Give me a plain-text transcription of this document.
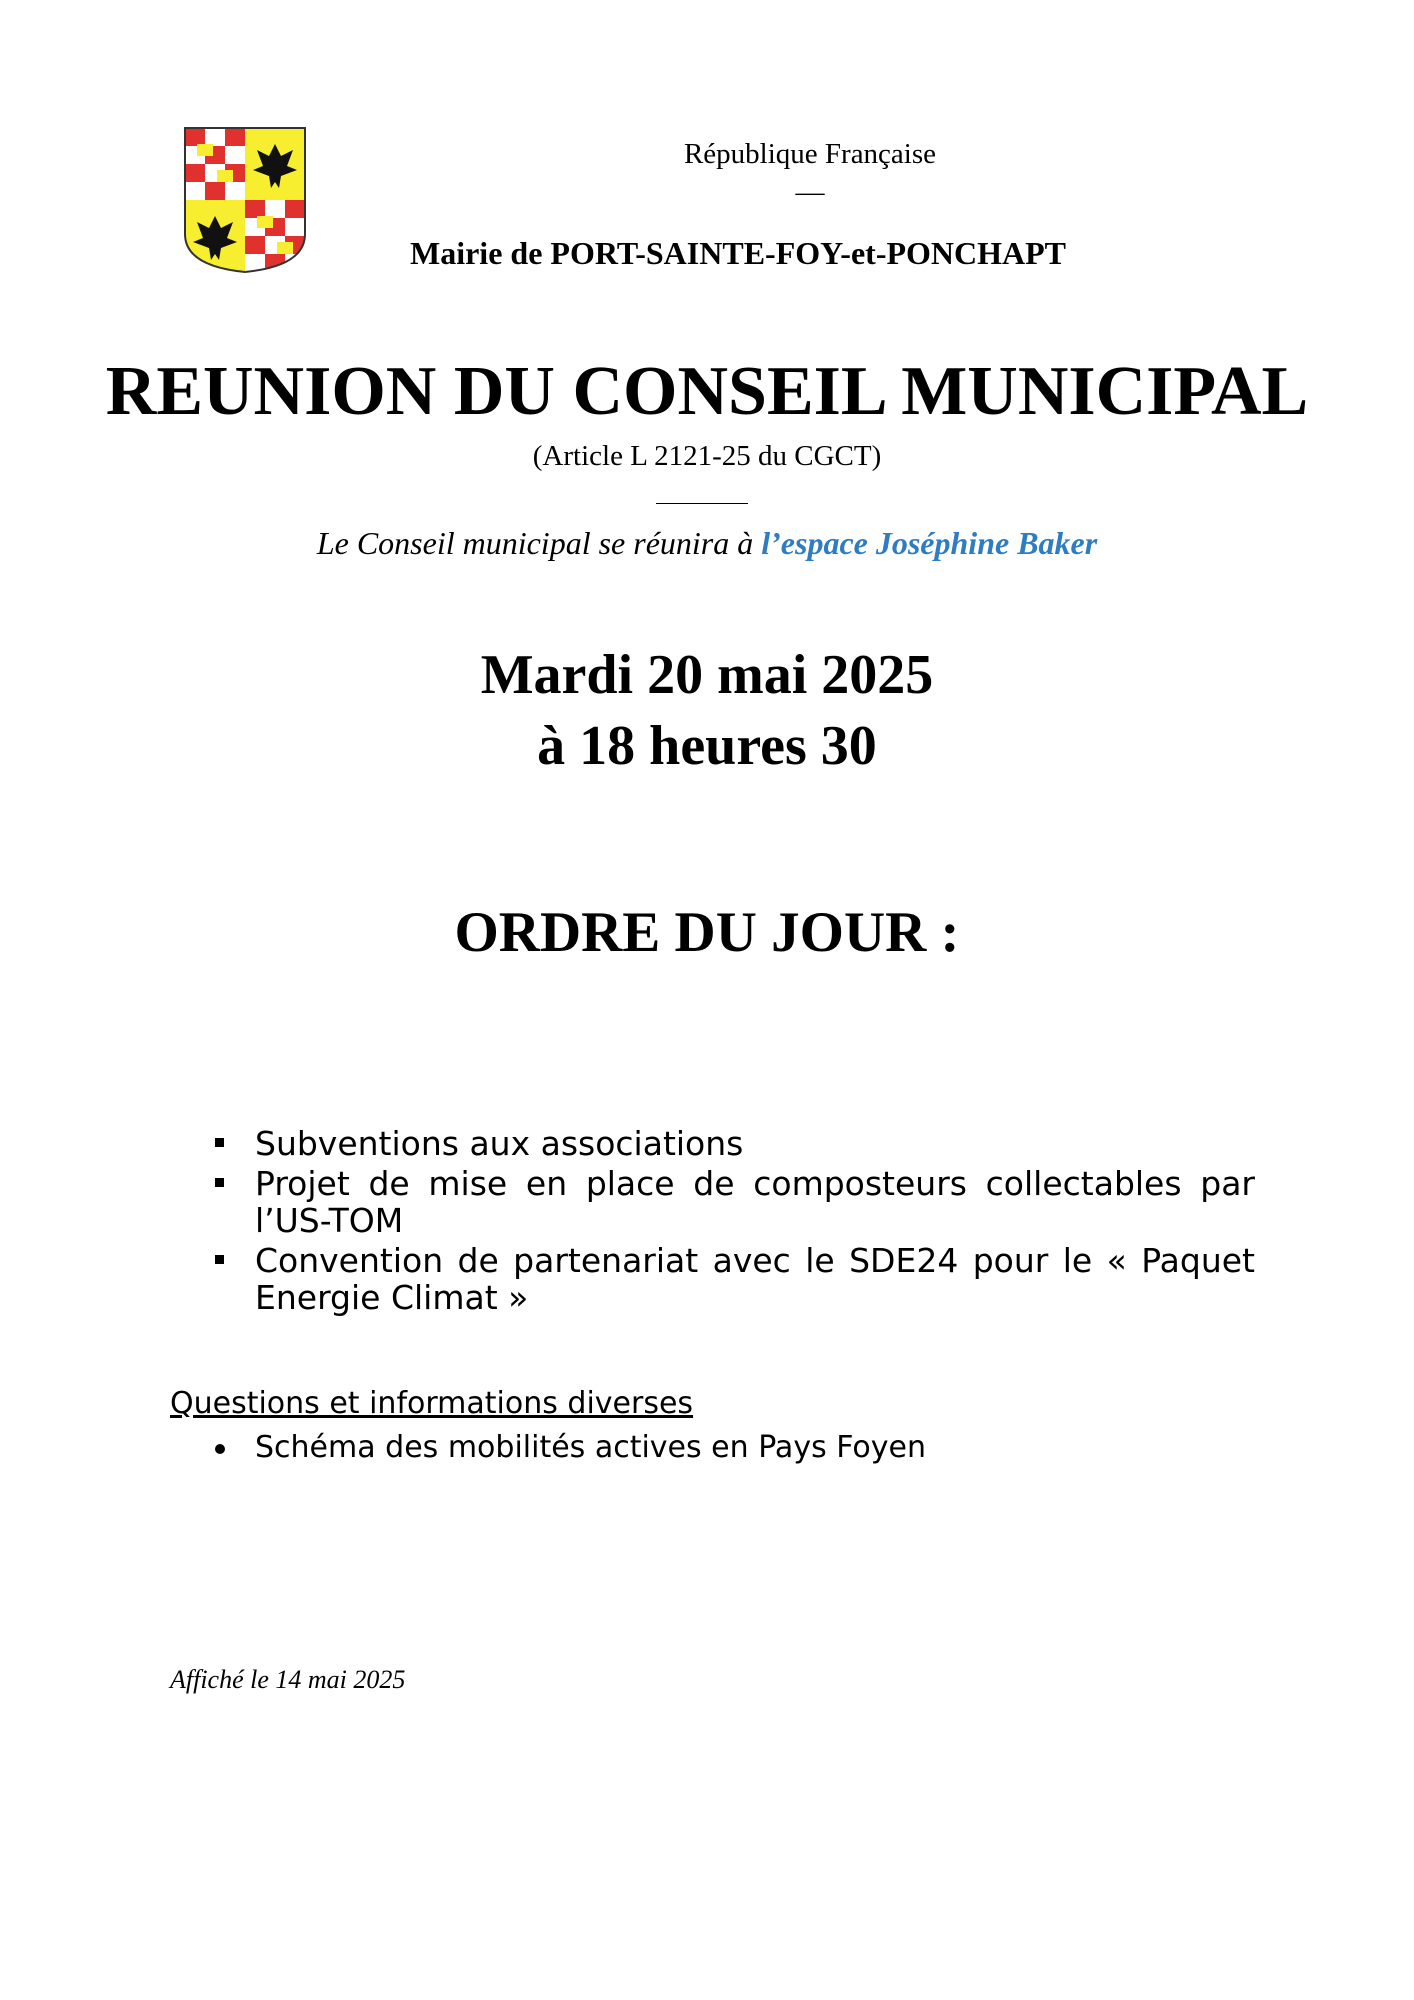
République Française
—
Mairie de PORT-SAINTE-FOY-et-PONCHAPT
REUNION DU CONSEIL MUNICIPAL
(Article L 2121-25 du CGCT)
Le Conseil municipal se réunira à l’espace Joséphine Baker
Mardi 20 mai 2025
à 18 heures 30
ORDRE DU JOUR :
Subventions aux associations
Projet de mise en place de composteurs collectables par l’US-TOM
Convention de partenariat avec le SDE24 pour le « Paquet Energie Climat »
Questions et informations diverses
Schéma des mobilités actives en Pays Foyen
Affiché le 14 mai 2025
